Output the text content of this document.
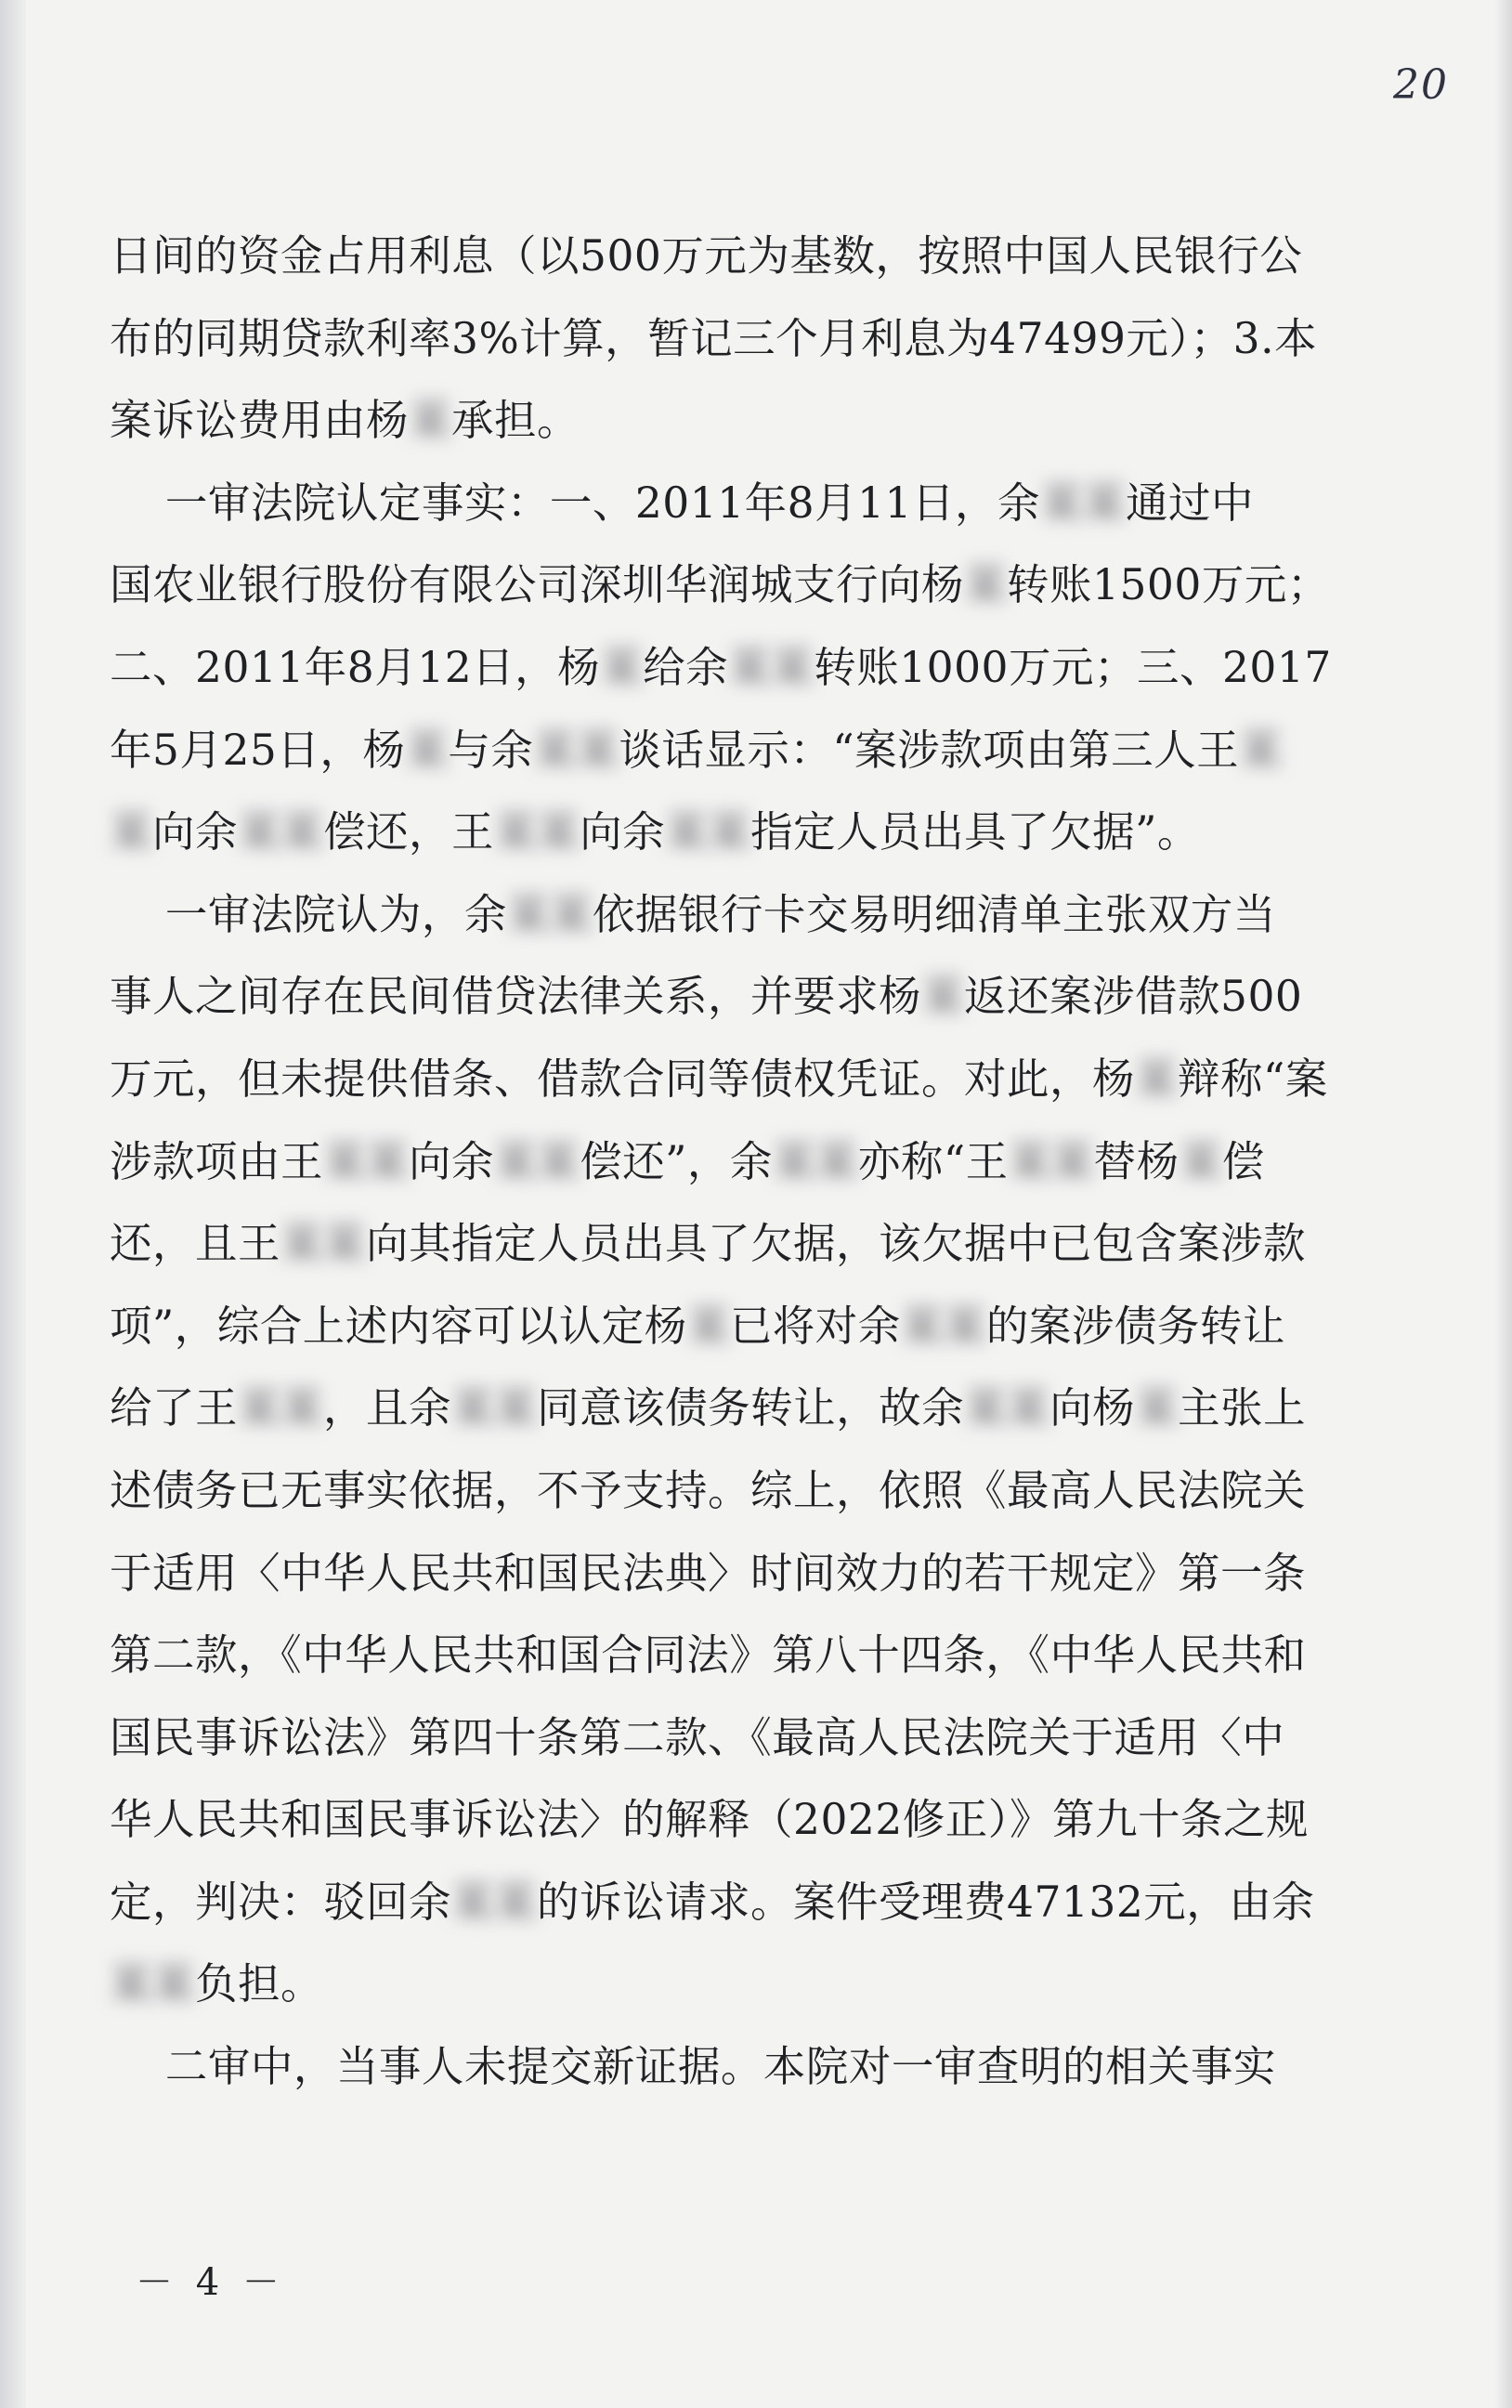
20
日间的资金占用利息（以500万元为基数，按照中国人民银行公
布的同期贷款利率3%计算，暂记三个月利息为47499元）；3.本
案诉讼费用由杨某承担。
一审法院认定事实：一、2011年8月11日，余某某通过中
国农业银行股份有限公司深圳华润城支行向杨某转账1500万元；
二、2011年8月12日，杨某给余某某转账1000万元；三、2017
年5月25日，杨某与余某某谈话显示：“案涉款项由第三人王某
某向余某某偿还，王某某向余某某指定人员出具了欠据”。
一审法院认为，余某某依据银行卡交易明细清单主张双方当
事人之间存在民间借贷法律关系，并要求杨某返还案涉借款500
万元，但未提供借条、借款合同等债权凭证。对此，杨某辩称“案
涉款项由王某某向余某某偿还”，余某某亦称“王某某替杨某偿
还，且王某某向其指定人员出具了欠据，该欠据中已包含案涉款
项”，综合上述内容可以认定杨某已将对余某某的案涉债务转让
给了王某某，且余某某同意该债务转让，故余某某向杨某主张上
述债务已无事实依据，不予支持。综上，依照《最高人民法院关
于适用〈中华人民共和国民法典〉时间效力的若干规定》第一条
第二款，《中华人民共和国合同法》第八十四条，《中华人民共和
国民事诉讼法》第四十条第二款、《最高人民法院关于适用〈中
华人民共和国民事诉讼法〉的解释（2022修正）》第九十条之规
定，判决：驳回余某某的诉讼请求。案件受理费47132元，由余
某某负担。
二审中，当事人未提交新证据。本院对一审查明的相关事实
－ 4 －
